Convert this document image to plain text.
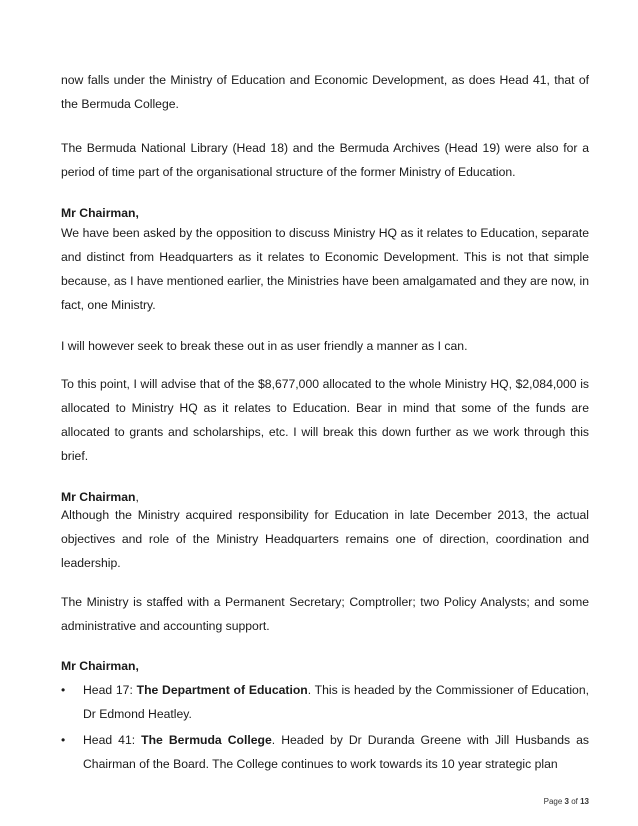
now falls under the Ministry of Education and Economic Development, as does Head 41, that of the Bermuda College.

The Bermuda National Library (Head 18) and the Bermuda Archives (Head 19) were also for a period of time part of the organisational structure of the former Ministry of Education.

Mr Chairman,

We have been asked by the opposition to discuss Ministry HQ as it relates to Education, separate and distinct from Headquarters as it relates to Economic Development. This is not that simple because, as I have mentioned earlier, the Ministries have been amalgamated and they are now, in fact, one Ministry.

I will however seek to break these out in as user friendly a manner as I can.

To this point, I will advise that of the $8,677,000 allocated to the whole Ministry HQ, $2,084,000 is allocated to Ministry HQ as it relates to Education. Bear in mind that some of the funds are allocated to grants and scholarships, etc. I will break this down further as we work through this brief.

Mr Chairman,

Although the Ministry acquired responsibility for Education in late December 2013, the actual objectives and role of the Ministry Headquarters remains one of direction, coordination and leadership.

The Ministry is staffed with a Permanent Secretary; Comptroller; two Policy Analysts; and some administrative and accounting support.

Mr Chairman,

• Head 17: The Department of Education. This is headed by the Commissioner of Education, Dr Edmond Heatley.
• Head 41: The Bermuda College. Headed by Dr Duranda Greene with Jill Husbands as Chairman of the Board. The College continues to work towards its 10 year strategic plan
Page 3 of 13
